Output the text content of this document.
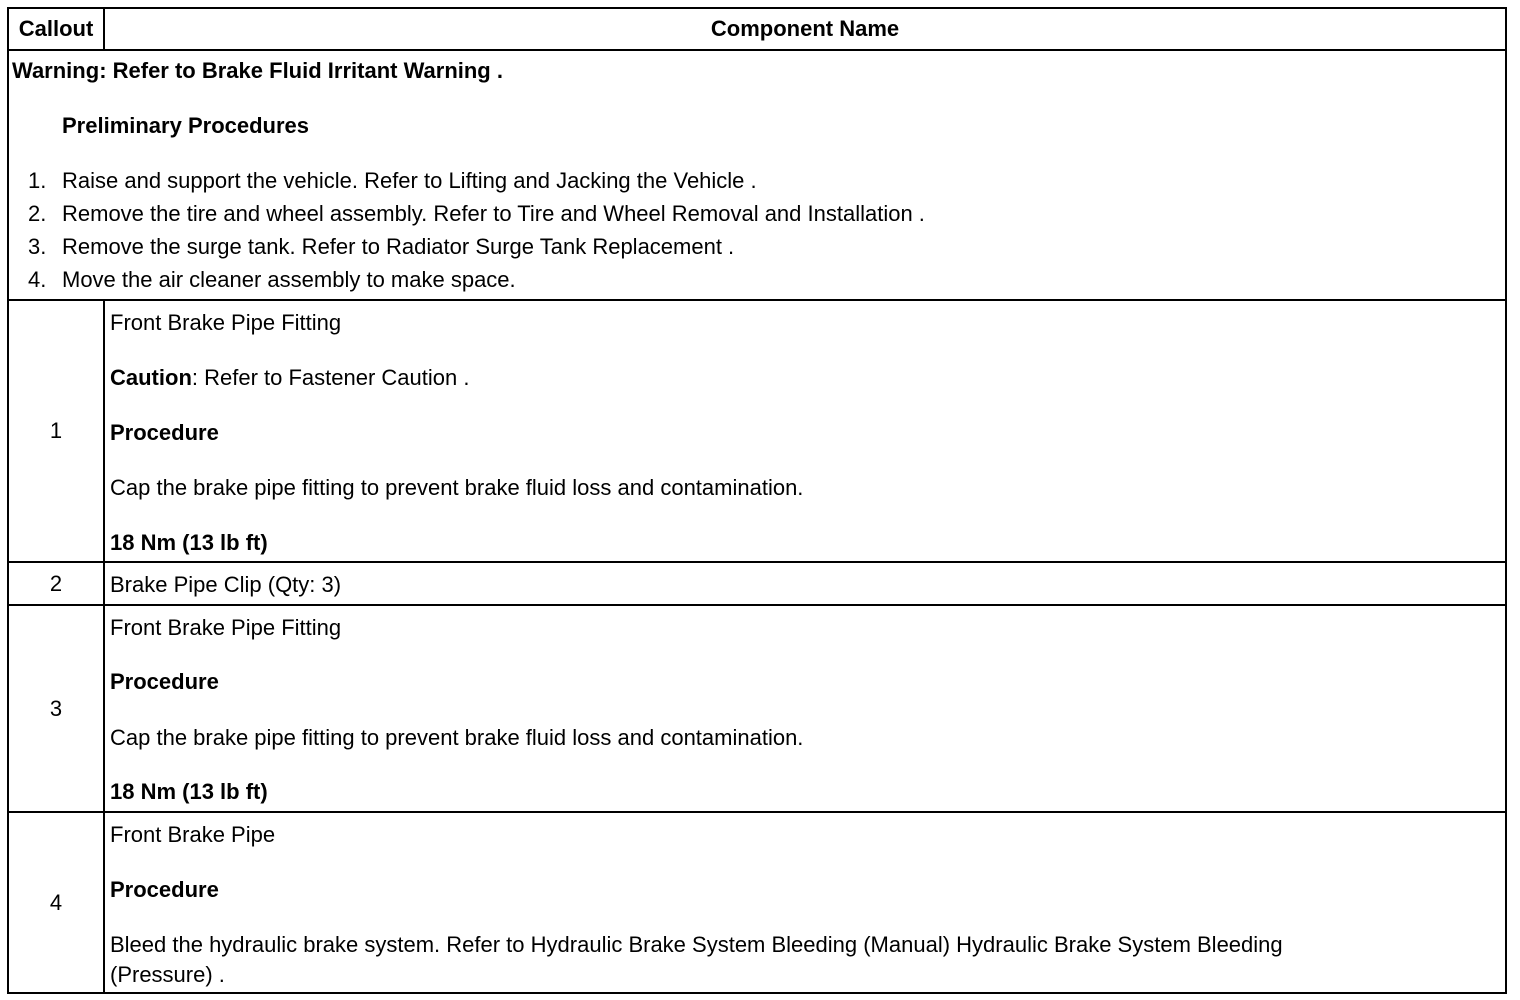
Callout	Component Name
Warning: Refer to Brake Fluid Irritant Warning .
Preliminary Procedures
1. Raise and support the vehicle. Refer to Lifting and Jacking the Vehicle .
2. Remove the tire and wheel assembly. Refer to Tire and Wheel Removal and Installation .
3. Remove the surge tank. Refer to Radiator Surge Tank Replacement .
4. Move the air cleaner assembly to make space.
1
Front Brake Pipe Fitting
Caution: Refer to Fastener Caution .
Procedure
Cap the brake pipe fitting to prevent brake fluid loss and contamination.
18 Nm (13 lb ft)
2	Brake Pipe Clip (Qty: 3)
3
Front Brake Pipe Fitting
Procedure
Cap the brake pipe fitting to prevent brake fluid loss and contamination.
18 Nm (13 lb ft)
4
Front Brake Pipe
Procedure
Bleed the hydraulic brake system. Refer to Hydraulic Brake System Bleeding (Manual) Hydraulic Brake System Bleeding
(Pressure) .
